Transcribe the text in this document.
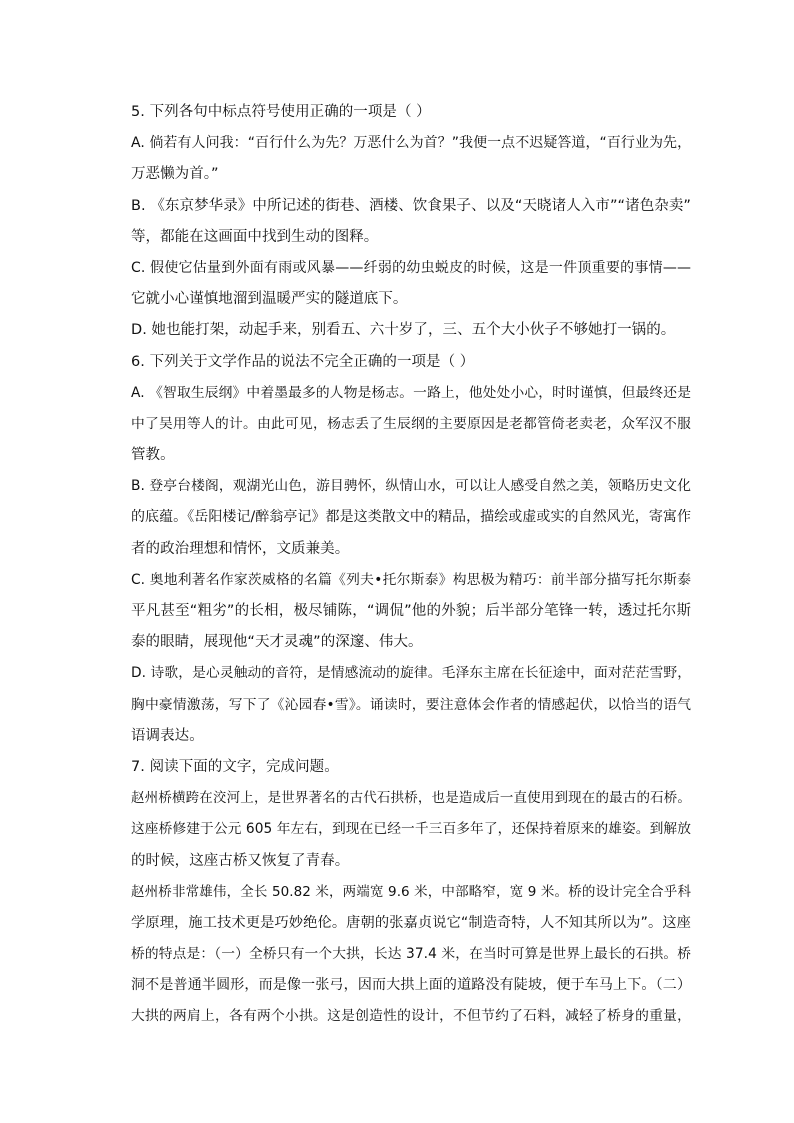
5. 下列各句中标点符号使用正确的一项是（ ）
A. 倘若有人问我：“百行什么为先？万恶什么为首？”我便一点不迟疑答道，“百行业为先，
万恶懒为首。”
B. 《东京梦华录》中所记述的街巷、酒楼、饮食果子、以及“天晓诸人入市”“诸色杂卖”
等，都能在这画面中找到生动的图释。
C. 假使它估量到外面有雨或风暴——纤弱的幼虫蜕皮的时候，这是一件顶重要的事情——
它就小心谨慎地溜到温暖严实的隧道底下。
D. 她也能打架，动起手来，别看五、六十岁了，三、五个大小伙子不够她打一锅的。
6. 下列关于文学作品的说法不完全正确的一项是（ ）
A. 《智取生辰纲》中着墨最多的人物是杨志。一路上，他处处小心，时时谨慎，但最终还是
中了吴用等人的计。由此可见，杨志丢了生辰纲的主要原因是老都管倚老卖老，众军汉不服
管教。
B. 登亭台楼阁，观湖光山色，游目骋怀，纵情山水，可以让人感受自然之美，领略历史文化
的底蕴。《岳阳楼记/醉翁亭记》都是这类散文中的精品，描绘或虚或实的自然风光，寄寓作
者的政治理想和情怀，文质兼美。
C. 奥地利著名作家茨威格的名篇《列夫•托尔斯泰》构思极为精巧：前半部分描写托尔斯泰
平凡甚至“粗劣”的长相，极尽铺陈，“调侃”他的外貌；后半部分笔锋一转，透过托尔斯
泰的眼睛，展现他“天才灵魂”的深邃、伟大。
D. 诗歌，是心灵触动的音符，是情感流动的旋律。毛泽东主席在长征途中，面对茫茫雪野，
胸中豪情激荡，写下了《沁园春•雪》。诵读时，要注意体会作者的情感起伏，以恰当的语气
语调表达。
7. 阅读下面的文字，完成问题。
赵州桥横跨在洨河上，是世界著名的古代石拱桥，也是造成后一直使用到现在的最古的石桥。
这座桥修建于公元 605 年左右，到现在已经一千三百多年了，还保持着原来的雄姿。到解放
的时候，这座古桥又恢复了青春。
赵州桥非常雄伟，全长 50.82 米，两端宽 9.6 米，中部略窄，宽 9 米。桥的设计完全合乎科
学原理，施工技术更是巧妙绝伦。唐朝的张嘉贞说它“制造奇特，人不知其所以为”。这座
桥的特点是：（一）全桥只有一个大拱，长达 37.4 米，在当时可算是世界上最长的石拱。桥
洞不是普通半圆形，而是像一张弓，因而大拱上面的道路没有陡坡，便于车马上下。（二）
大拱的两肩上，各有两个小拱。这是创造性的设计，不但节约了石料，减轻了桥身的重量，
